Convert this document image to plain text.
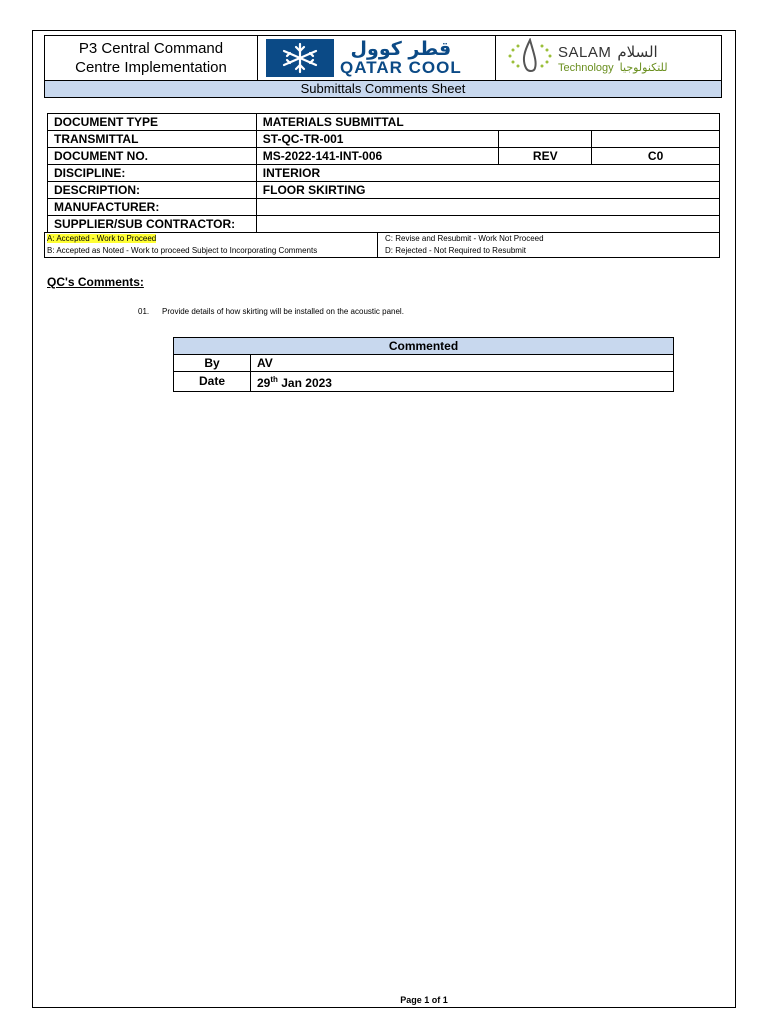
P3 Central Command
Centre Implementation
قطر كوول
QATAR COOL
SALAM السلام
Technology للتكنولوجيا
Submittals Comments Sheet
DOCUMENT TYPE	MATERIALS SUBMITTAL		
TRANSMITTAL	ST-QC-TR-001		
DOCUMENT NO.	MS-2022-141-INT-006	REV	C0
DISCIPLINE:	INTERIOR		
DESCRIPTION:	FLOOR SKIRTING		
MANUFACTURER:			
SUPPLIER/SUB CONTRACTOR:			
A: Accepted - Work to Proceed
B: Accepted as Noted - Work to proceed Subject to Incorporating Comments
C: Revise and Resubmit - Work Not Proceed
D: Rejected - Not Required to Resubmit
QC's Comments:
01. Provide details of how skirting will be installed on the acoustic panel.
Commented	
By	AV
Date	29th Jan 2023
Page 1 of 1
